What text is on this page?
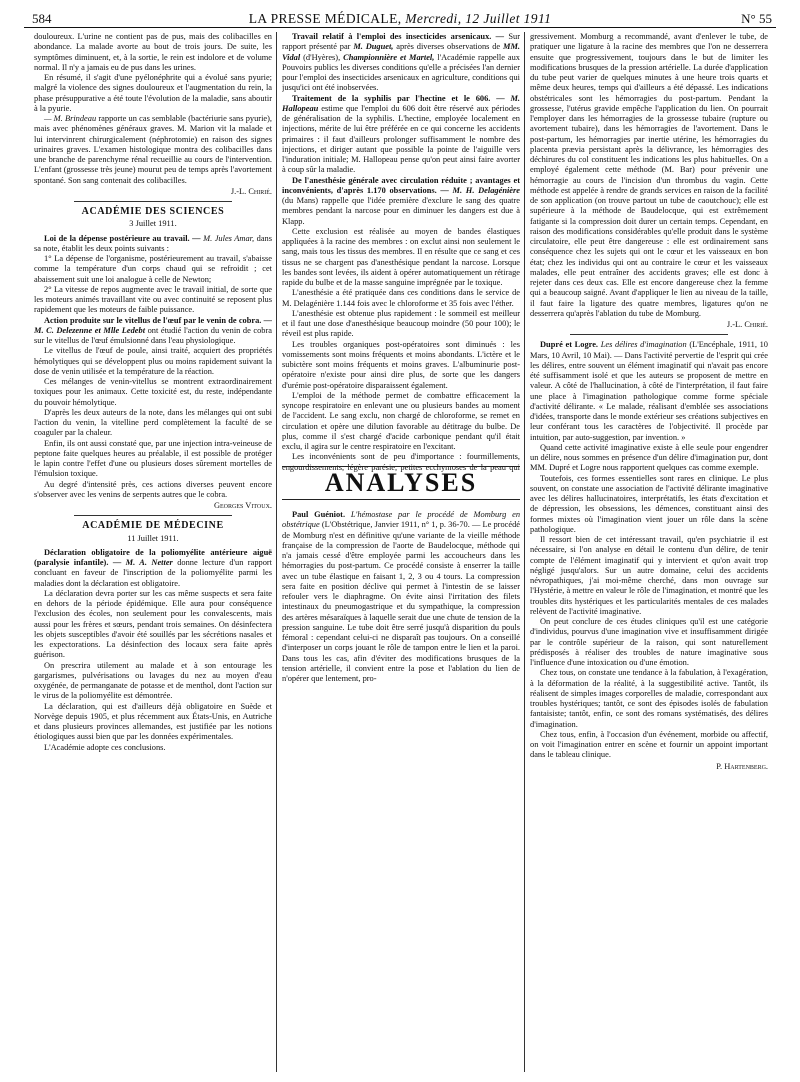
584	LA PRESSE MÉDICALE, Mercredi, 12 Juillet 1911	N° 55

douloureux. L'urine ne contient pas de pus, mais des colibacilles en abondance. La malade avorte au bout de trois jours. De suite, les symptômes diminuent, et, à la sortie, le rein est indolore et de volume normal. Il n'y a jamais eu de pus dans les urines.

En résumé, il s'agit d'une pyélonéphrite qui a évolué sans pyurie; malgré la violence des signes douloureux et l'augmentation du rein, la phase présuppurative a été toute l'évolution de la maladie, sans aboutir à la pyurie.

— M. Brindeau rapporte un cas semblable (bactériurie sans pyurie), mais avec phénomènes généraux graves. M. Marion vit la malade et lui intervinrent chirurgicalement (néphrotomie) en raison des signes urinaires graves. L'examen histologique montra des colibacilles dans une branche de parenchyme rénal recueillie au cours de l'intervention. L'enfant (grossesse très jeune) mourut peu de temps après l'avortement spontané. Son sang contenait des colibacilles.

J.-L. Chirié.
ACADÉMIE DES SCIENCES
3 Juillet 1911.

Loi de la dépense postérieure au travail. — M. Jules Amar, dans sa note, établit les deux points suivants :

1° La dépense de l'organisme, postérieurement au travail, s'abaisse comme la température d'un corps chaud qui se refroidit ; cet abaissement suit une loi analogue à celle de Newton;

2° La vitesse de repos augmente avec le travail initial, de sorte que les moteurs animés travaillant vite ou avec continuité se reposent plus rapidement que les moteurs de faible puissance.

Action produite sur le vitellus de l'œuf par le venin de cobra. — M. C. Delezenne et Mlle Ledebt ont étudié l'action du venin de cobra sur le vitellus de l'œuf émulsionné dans l'eau physiologique.

Le vitellus de l'œuf de poule, ainsi traité, acquiert des propriétés hémolytiques qui se développent plus ou moins rapidement suivant la dose de venin utilisée et la température de la réaction.

Ces mélanges de venin-vitellus se montrent extraordinairement toxiques pour les animaux. Cette toxicité est, du reste, indépendante du pouvoir hémolytique.

D'après les deux auteurs de la note, dans les mélanges qui ont subi l'action du venin, la vitelline perd complètement la faculté de se coaguler par la chaleur.

Enfin, ils ont aussi constaté que, par une injection intra-veineuse de peptone faite quelques heures au préalable, il est possible de protéger le lapin contre l'effet d'une ou plusieurs doses sûrement mortelles de l'émulsion toxique.

Au degré d'intensité près, ces actions diverses peuvent encore s'observer avec les venins de serpents autres que le cobra.

Georges Vitoux.
ACADÉMIE DE MÉDECINE
11 Juillet 1911.

Déclaration obligatoire de la poliomyélite antérieure aiguë (paralysie infantile). — M. A. Netter donne lecture d'un rapport concluant en faveur de l'inscription de la poliomyélite parmi les maladies dont la déclaration est obligatoire.

La déclaration devra porter sur les cas même suspects et sera faite en dehors de la période épidémique. Elle aura pour conséquence l'exclusion des écoles, non seulement pour les convalescents, mais aussi pour les frères et sœurs, pendant trois semaines. On désinfectera les objets susceptibles d'avoir été souillés par les sécrétions nasales et les expectorations. La désinfection des locaux sera faite après guérison.

On prescrira utilement au malade et à son entourage les gargarismes, pulvérisations ou lavages du nez au moyen d'eau oxygénée, de permanganate de potasse et de menthol, dont l'action sur le virus de la poliomyélite est démontrée.

La déclaration, qui est d'ailleurs déjà obligatoire en Suède et Norvège depuis 1905, et plus récemment aux États-Unis, en Autriche et dans plusieurs provinces allemandes, est justifiée par les notions étiologiques aussi bien que par les données expérimentales.

L'Académie adopte ces conclusions.

Travail relatif à l'emploi des insecticides arsenicaux. — Sur rapport présenté par M. Duguet, après diverses observations de MM. Vidal (d'Hyères), Championnière et Martel, l'Académie rappelle aux Pouvoirs publics les diverses conditions qu'elle a précisées l'an dernier pour l'emploi des insecticides arsenicaux en agriculture, conditions qui jusqu'ici ont été inobservées.

Traitement de la syphilis par l'hectine et le 606. — M. Hallopeau estime que l'emploi du 606 doit être réservé aux périodes de généralisation de la syphilis. L'hectine, employée localement en injections, mérite de lui être préférée en ce qui concerne les accidents primaires : il faut d'ailleurs prolonger suffisamment le nombre des injections, et diriger autant que possible la pointe de l'aiguille vers l'induration initiale; M. Hallopeau pense qu'on peut ainsi faire avorter à coup sûr la maladie.

De l'anesthésie générale avec circulation réduite ; avantages et inconvénients, d'après 1.170 observations. — M. H. Delagénière (du Mans) rappelle que l'idée première d'exclure le sang des quatre membres pendant la narcose pour en diminuer les dangers est due à Klapp.

Cette exclusion est réalisée au moyen de bandes élastiques appliquées à la racine des membres : on exclut ainsi non seulement le sang, mais tous les tissus des membres. Il en résulte que ce sang et ces tissus ne se chargent pas d'anesthésique pendant la narcose. Lorsque les bandes sont levées, ils aident à opérer automatiquement un rétirage rapide du bulbe et de la masse sanguine imprégnée par le toxique.

L'anesthésie a été pratiquée dans ces conditions dans le service de M. Delagénière 1.144 fois avec le chloroforme et 35 fois avec l'éther.

L'anesthésie est obtenue plus rapidement : le sommeil est meilleur et il faut une dose d'anesthésique beaucoup moindre (50 pour 100); le réveil est plus rapide.

Les troubles organiques post-opératoires sont diminués : les vomissements sont moins fréquents et moins abondants. L'ictère et le subictère sont moins fréquents et moins graves. L'albuminurie post-opératoire n'existe pour ainsi dire plus, de sorte que les dangers d'urémie post-opératoire disparaissent également.

L'emploi de la méthode permet de combattre efficacement la syncope respiratoire en enlevant une ou plusieurs bandes au moment de l'accident. Le sang exclu, non chargé de chloroforme, se remet en circulation et opère une dilution favorable au détitrage du bulbe. De plus, comme il s'est chargé d'acide carbonique pendant qu'il était exclu, il agira sur le centre respiratoire en l'excitant.

Les inconvénients sont de peu d'importance : fourmillements, engourdissements, légère parésie, petites ecchymoses de la peau qui

ANALYSES

Paul Guéniot. L'hémostase par le procédé de Momburg en obstétrique (L'Obstétrique, Janvier 1911, n° 1, p. 36-70. — Le procédé de Momburg n'est en définitive qu'une variante de la vieille méthode française de la compression de l'aorte de Baudelocque, méthode qui n'a jamais cessé d'être employée parmi les accoucheurs dans les hémorragies du post-partum. Ce procédé consiste à enserrer la taille avec un tube élastique en faisant 1, 2, 3 ou 4 tours. La compression sera faite en position déclive qui permet à l'intestin de se laisser refouler vers le diaphragme. On évite ainsi l'irritation des filets intestinaux du pneumogastrique et du sympathique, la compression des artères mésaraïques à laquelle serait due une chute de tension de la pression sanguine. Le tube doit être serré jusqu'à disparition du pouls fémoral : cependant celui-ci ne disparaît pas toujours. On a conseillé d'interposer un corps jouant le rôle de tampon entre le lien et la paroi. Dans tous les cas, afin d'éviter des modifications brusques de la tension artérielle, il convient entre la pose et l'ablation du lien de n'opérer que lentement, pro-

gressivement. Momburg a recommandé, avant d'enlever le tube, de pratiquer une ligature à la racine des membres que l'on ne desserrera ensuite que progressivement, toujours dans le but de limiter les modifications brusques de la pression artérielle. La durée d'application du tube peut varier de quelques minutes à une heure trois quarts et même deux heures, temps qui d'ailleurs a été dépassé. Les indications obstétricales sont les hémorragies du post-partum. Pendant la grossesse, l'utérus gravide empêche l'application du lien. On pourrait l'employer dans les hémorragies de la grossesse tubaire (rupture ou avortement tubaire), dans les hémorragies de l'avortement. Dans le post-partum, les hémorragies par inertie utérine, les hémorragies du placenta prævia persistant après la délivrance, les hémorragies des déchirures du col constituent les indications les plus habituelles. On a employé également cette méthode (M. Bar) pour prévenir une hémorragie au cours de l'incision d'un thrombus du vagin. Cette méthode est appelée à rendre de grands services en raison de la facilité de son application (on trouve partout un tube de caoutchouc); elle est supérieure à la méthode de Baudelocque, qui est extrêmement fatigante si la compression doit durer un certain temps. Cependant, en raison des modifications considérables qu'elle produit dans le système circulatoire, elle peut être dangereuse : elle est ordinairement sans conséquence chez les sujets qui ont le cœur et les vaisseaux en bon état; chez les individus qui ont au contraire le cœur et les vaisseaux malades, elle peut entraîner des accidents graves; elle est donc à rejeter dans ces deux cas. Elle est encore dangereuse chez la femme qui a beaucoup saigné. Avant d'appliquer le lien au niveau de la taille, il faut faire la ligature des quatre membres, ligatures qu'on ne desserrera qu'après l'ablation du tube de Momburg.

J.-L. Chirié.

Dupré et Logre. Les délires d'imagination (L'Encéphale, 1911, 10 Mars, 10 Avril, 10 Mai). — Dans l'activité pervertie de l'esprit qui crée les délires, entre souvent un élément imaginatif qui n'avait pas encore été suffisamment isolé et que les auteurs se proposent de mettre en valeur. A côté de l'hallucination, à côté de l'interprétation, il faut faire une place à l'imagination pathologique comme forme spéciale d'activité délirante. « Le malade, réalisant d'emblée ses associations d'idées, transporte dans le monde extérieur ses créations subjectives en leur conférant tous les caractères de l'objectivité. Il procède par intuition, par auto-suggestion, par invention. »

Quand cette activité imaginative existe à elle seule pour engendrer un délire, nous sommes en présence d'un délire d'imagination pur, dont MM. Dupré et Logre nous rapportent quelques cas comme exemple.

Toutefois, ces formes essentielles sont rares en clinique. Le plus souvent, on constate une association de l'activité délirante imaginative avec les délires hallucinatoires, interprétatifs, les états d'excitation et de dépression, les obsessions, les démences, constituant ainsi des formes mixtes où l'imagination vient jouer un rôle dans la scène pathologique.

Il ressort bien de cet intéressant travail, qu'en psychiatrie il est nécessaire, si l'on analyse en détail le contenu d'un délire, de tenir compte de l'élément imaginatif qui y intervient et qu'on avait trop négligé jusqu'alors. Sur un autre domaine, celui des accidents névropathiques, j'ai moi-même cherché, dans mon ouvrage sur l'Hystérie, à mettre en valeur le rôle de l'imagination, et montré que les troubles dits hystériques et les particularités mentales de ces malades relèvent de l'activité imaginative.

On peut conclure de ces études cliniques qu'il est une catégorie d'individus, pourvus d'une imagination vive et insuffisamment dirigée par le contrôle supérieur de la raison, qui sont naturellement prédisposés à réaliser des troubles de nature imaginative sous l'influence d'une intoxication ou d'une émotion.

Chez tous, on constate une tendance à la fabulation, à l'exagération, à la déformation de la réalité, à la suggestibilité active. Tantôt, ils réalisent de simples images corporelles de maladie, correspondant aux troubles hystériques; tantôt, ce sont des épisodes isolés de fabulation fantaisiste; tantôt, enfin, ce sont des romans systématisés, des délires d'imagination.

Chez tous, enfin, à l'occasion d'un événement, morbide ou affectif, on voit l'imagination entrer en scène et fournir un appoint important dans le tableau clinique.

P. Hartenberg.
